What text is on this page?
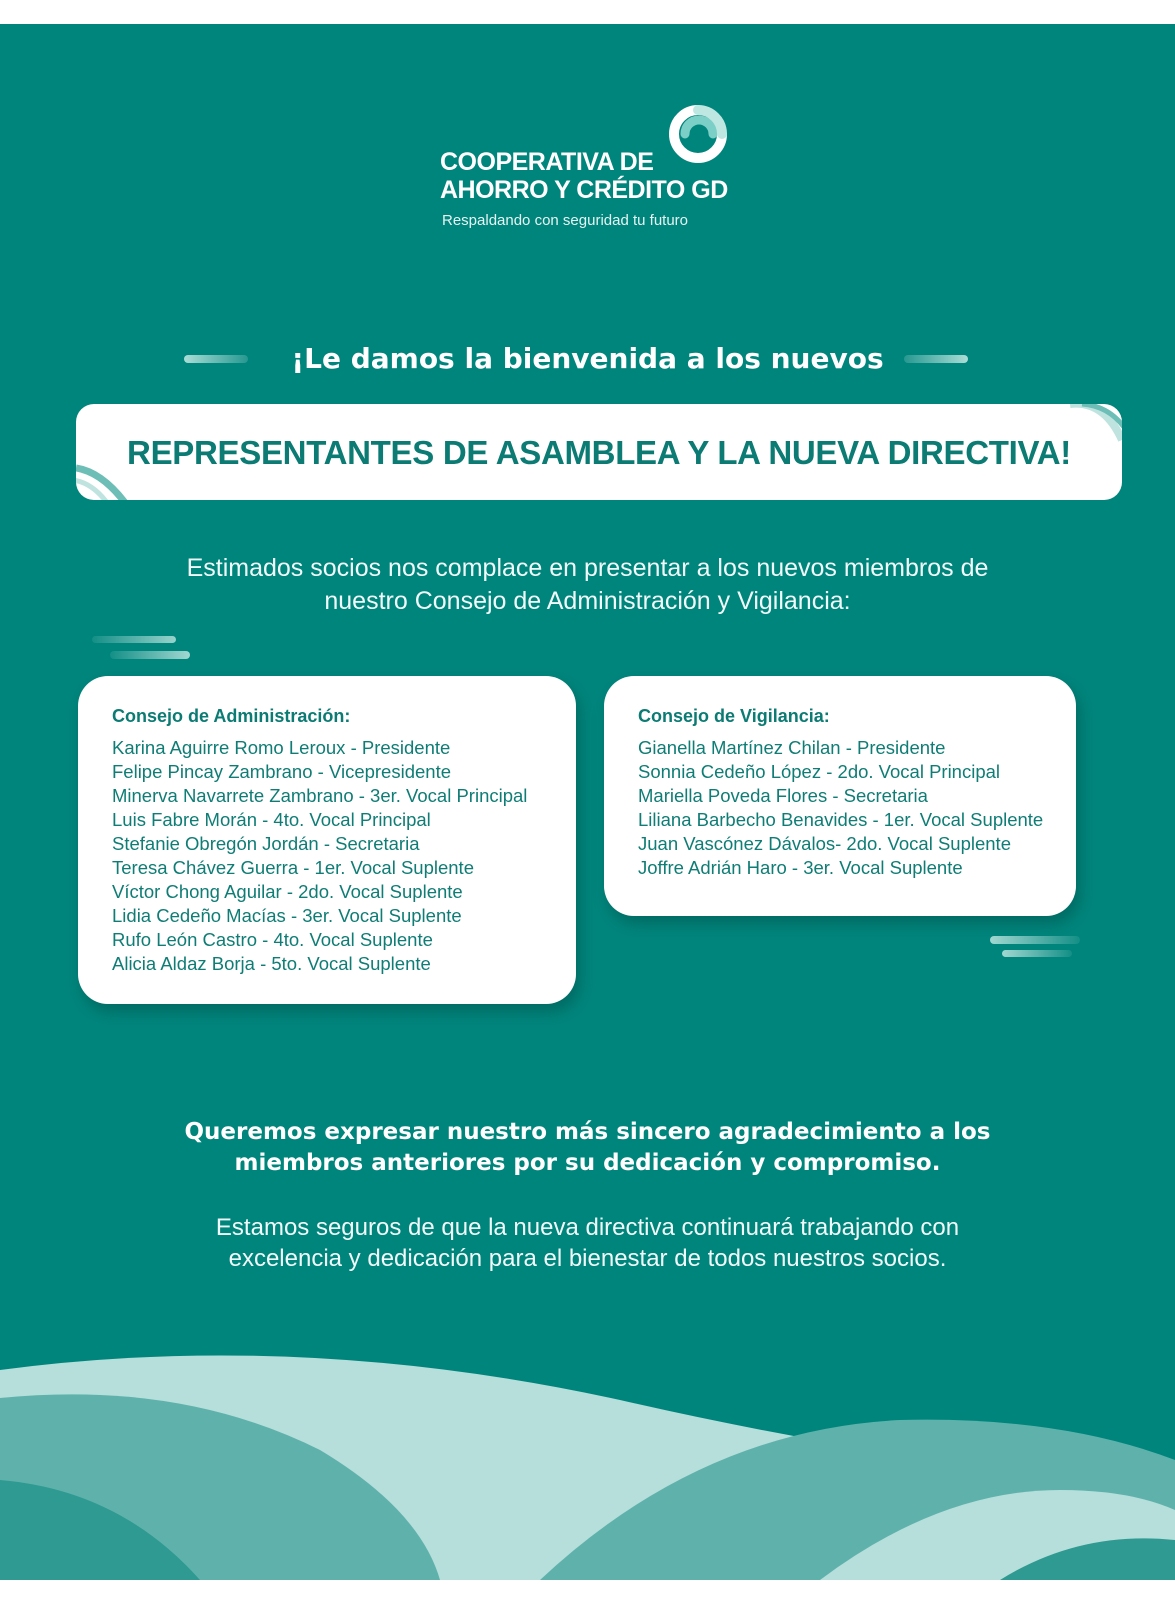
COOPERATIVA DE
AHORRO Y CRÉDITO GD
Respaldando con seguridad tu futuro
¡Le damos la bienvenida a los nuevos
REPRESENTANTES DE ASAMBLEA Y LA NUEVA DIRECTIVA!
Estimados socios nos complace en presentar a los nuevos miembros de
nuestro Consejo de Administración y Vigilancia:
Consejo de Administración:
Karina Aguirre Romo Leroux - Presidente
Felipe Pincay Zambrano - Vicepresidente
Minerva Navarrete Zambrano - 3er. Vocal Principal
Luis Fabre Morán - 4to. Vocal Principal
Stefanie Obregón Jordán - Secretaria
Teresa Chávez Guerra - 1er. Vocal Suplente
Víctor Chong Aguilar - 2do. Vocal Suplente
Lidia Cedeño Macías - 3er. Vocal Suplente
Rufo León Castro - 4to. Vocal Suplente
Alicia Aldaz Borja - 5to. Vocal Suplente
Consejo de Vigilancia:
Gianella Martínez Chilan - Presidente
Sonnia Cedeño López - 2do. Vocal Principal
Mariella Poveda Flores - Secretaria
Liliana Barbecho Benavides - 1er. Vocal Suplente
Juan Vascónez Dávalos- 2do. Vocal Suplente
Joffre Adrián Haro - 3er. Vocal Suplente
Queremos expresar nuestro más sincero agradecimiento a los
miembros anteriores por su dedicación y compromiso.
Estamos seguros de que la nueva directiva continuará trabajando con
excelencia y dedicación para el bienestar de todos nuestros socios.
